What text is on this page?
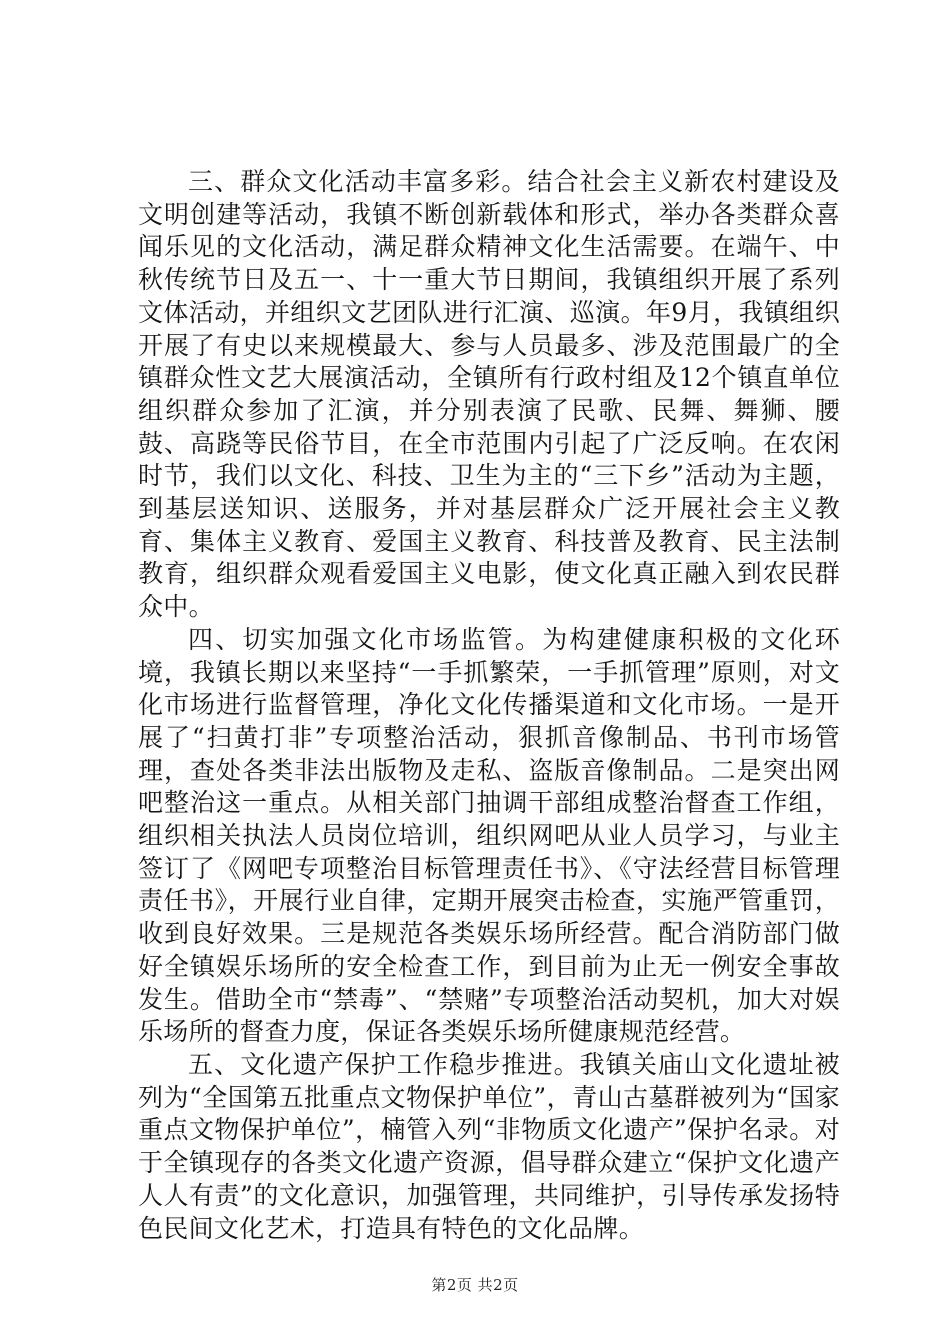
三、群众文化活动丰富多彩。结合社会主义新农村建设及文明创建等活动，我镇不断创新载体和形式，举办各类群众喜闻乐见的文化活动，满足群众精神文化生活需要。在端午、中秋传统节日及五一、十一重大节日期间，我镇组织开展了系列文体活动，并组织文艺团队进行汇演、巡演。年9月，我镇组织开展了有史以来规模最大、参与人员最多、涉及范围最广的全镇群众性文艺大展演活动，全镇所有行政村组及12个镇直单位组织群众参加了汇演，并分别表演了民歌、民舞、舞狮、腰鼓、高跷等民俗节目，在全市范围内引起了广泛反响。在农闲时节，我们以文化、科技、卫生为主的“三下乡”活动为主题，到基层送知识、送服务，并对基层群众广泛开展社会主义教育、集体主义教育、爱国主义教育、科技普及教育、民主法制教育，组织群众观看爱国主义电影，使文化真正融入到农民群众中。

四、切实加强文化市场监管。为构建健康积极的文化环境，我镇长期以来坚持“一手抓繁荣，一手抓管理”原则，对文化市场进行监督管理，净化文化传播渠道和文化市场。一是开展了“扫黄打非”专项整治活动，狠抓音像制品、书刊市场管理，查处各类非法出版物及走私、盗版音像制品。二是突出网吧整治这一重点。从相关部门抽调干部组成整治督查工作组，组织相关执法人员岗位培训，组织网吧从业人员学习，与业主签订了《网吧专项整治目标管理责任书》、《守法经营目标管理责任书》，开展行业自律，定期开展突击检查，实施严管重罚，收到良好效果。三是规范各类娱乐场所经营。配合消防部门做好全镇娱乐场所的安全检查工作，到目前为止无一例安全事故发生。借助全市“禁毒”、“禁赌”专项整治活动契机，加大对娱乐场所的督查力度，保证各类娱乐场所健康规范经营。

五、文化遗产保护工作稳步推进。我镇关庙山文化遗址被列为“全国第五批重点文物保护单位”，青山古墓群被列为“国家重点文物保护单位”，楠管入列“非物质文化遗产”保护名录。对于全镇现存的各类文化遗产资源，倡导群众建立“保护文化遗产人人有责”的文化意识，加强管理，共同维护，引导传承发扬特色民间文化艺术，打造具有特色的文化品牌。

第2页 共2页
